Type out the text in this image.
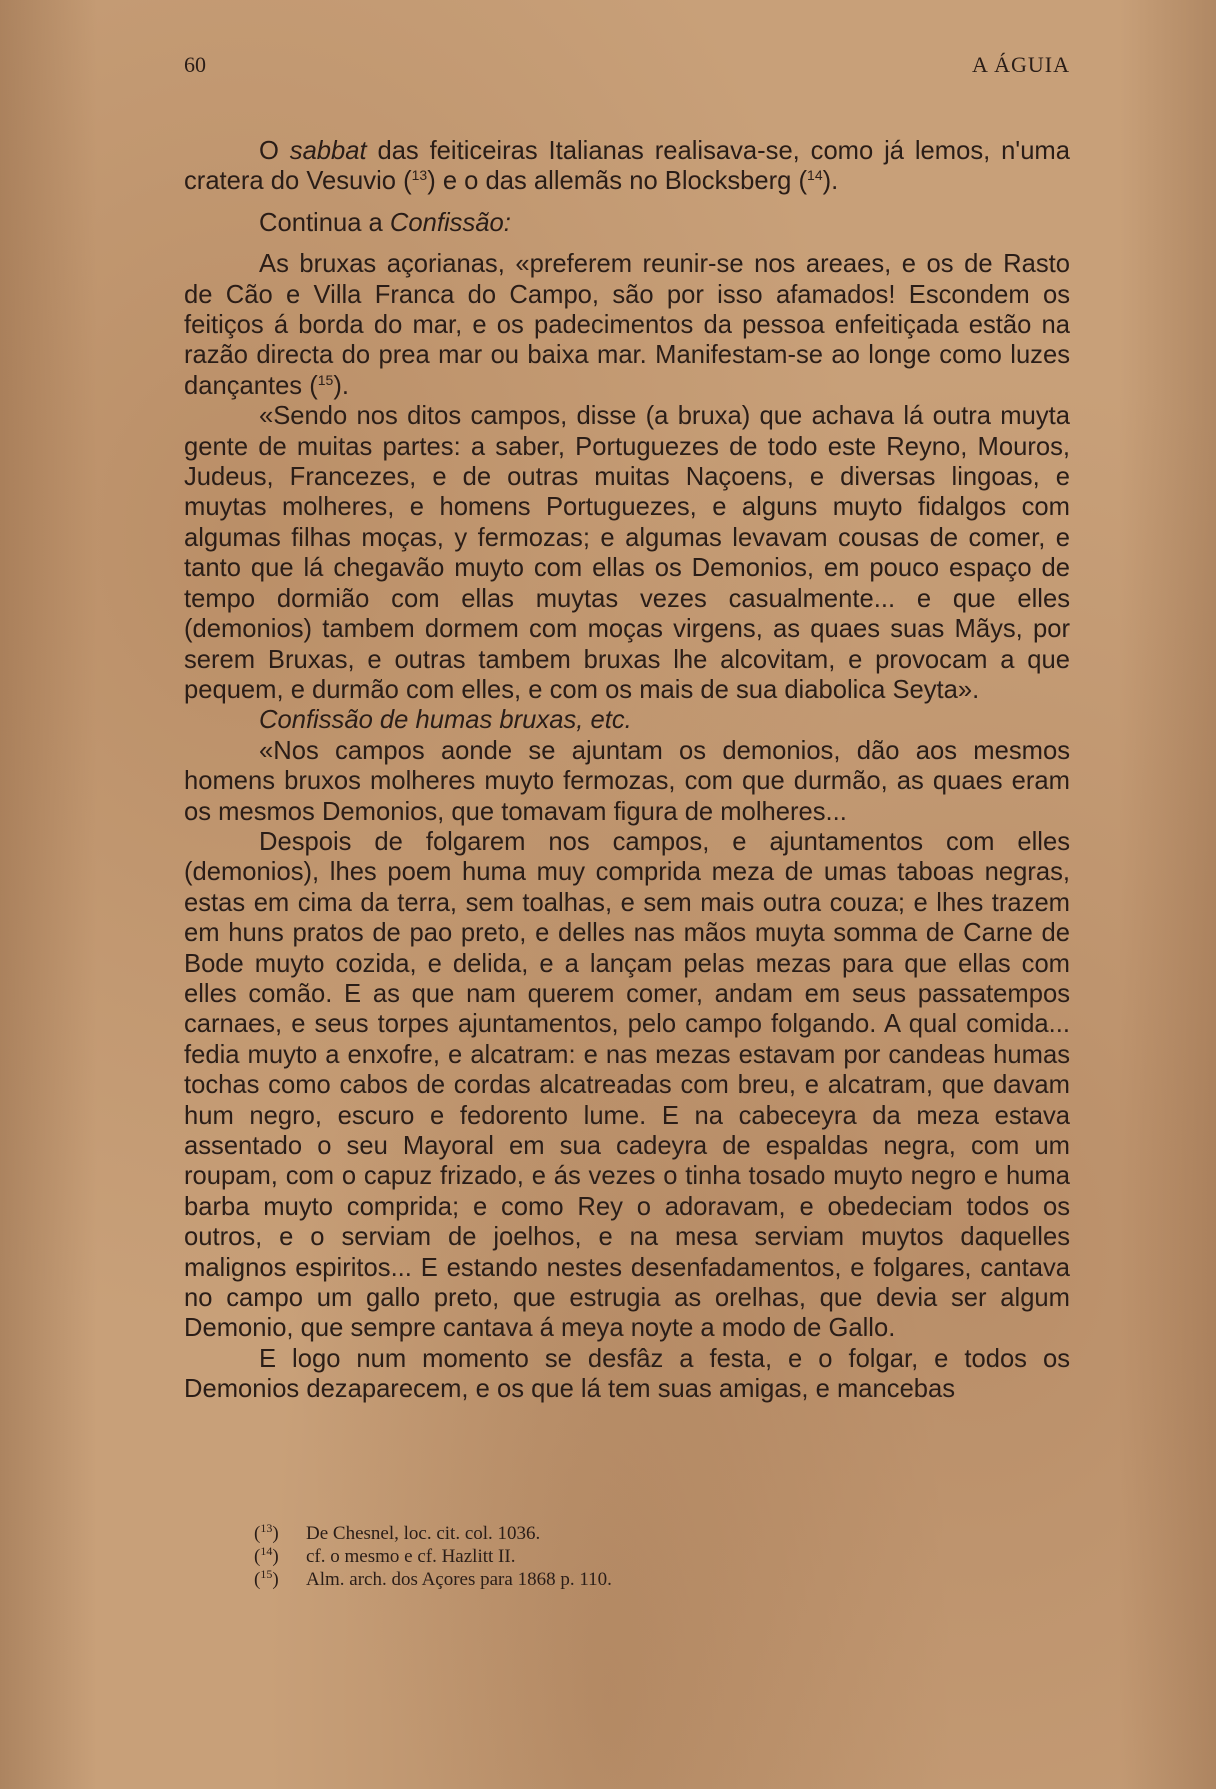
60	A ÁGUIA

O sabbat das feiticeiras Italianas realisava-se, como já lemos, n'uma cratera do Vesuvio ($^{13}$) e o das allemãs no Blocksberg ($^{14}$).

Continua a Confissão:

As bruxas açorianas, «preferem reunir-se nos areaes, e os de Rasto de Cão e Villa Franca do Campo, são por isso afamados! Escondem os feitiços á borda do mar, e os padecimentos da pessoa enfeitiçada estão na razão directa do prea mar ou baixa mar. Manifestam-se ao longe como luzes dançantes ($^{15}$).

«Sendo nos ditos campos, disse (a bruxa) que achava lá outra muyta gente de muitas partes: a saber, Portuguezes de todo este Reyno, Mouros, Judeus, Francezes, e de outras muitas Naçoens, e diversas lingoas, e muytas molheres, e homens Portuguezes, e alguns muyto fidalgos com algumas filhas moças, y fermozas; e algumas levavam cousas de comer, e tanto que lá chegavão muyto com ellas os Demonios, em pouco espaço de tempo dormião com ellas muytas vezes casualmente... e que elles (demonios) tambem dormem com moças virgens, as quaes suas Mãys, por serem Bruxas, e outras tambem bruxas lhe alcovitam, e provocam a que pequem, e durmão com elles, e com os mais de sua diabolica Seyta».

Confissão de humas bruxas, etc.

«Nos campos aonde se ajuntam os demonios, dão aos mesmos homens bruxos molheres muyto fermozas, com que durmão, as quaes eram os mesmos Demonios, que tomavam figura de molheres...

Despois de folgarem nos campos, e ajuntamentos com elles (demonios), lhes poem huma muy comprida meza de umas taboas negras, estas em cima da terra, sem toalhas, e sem mais outra couza; e lhes trazem em huns pratos de pao preto, e delles nas mãos muyta somma de Carne de Bode muyto cozida, e delida, e a lançam pelas mezas para que ellas com elles comão. E as que nam querem comer, andam em seus passatempos carnaes, e seus torpes ajuntamentos, pelo campo folgando. A qual comida... fedia muyto a enxofre, e alcatram: e nas mezas estavam por candeas humas tochas como cabos de cordas alcatreadas com breu, e alcatram, que davam hum negro, escuro e fedorento lume. E na cabeceyra da meza estava assentado o seu Mayoral em sua cadeyra de espaldas negra, com um roupam, com o capuz frizado, e ás vezes o tinha tosado muyto negro e huma barba muyto comprida; e como Rey o adoravam, e obedeciam todos os outros, e o serviam de joelhos, e na mesa serviam muytos daquelles malignos espiritos... E estando nestes desenfadamentos, e folgares, cantava no campo um gallo preto, que estrugia as orelhas, que devia ser algum Demonio, que sempre cantava á meya noyte a modo de Gallo.

E logo num momento se desfâz a festa, e o folgar, e todos os Demonios dezaparecem, e os que lá tem suas amigas, e mancebas

($^{13}$) De Chesnel, loc. cit. col. 1036.
($^{14}$) cf. o mesmo e cf. Hazlitt II.
($^{15}$) Alm. arch. dos Açores para 1868 p. 110.
